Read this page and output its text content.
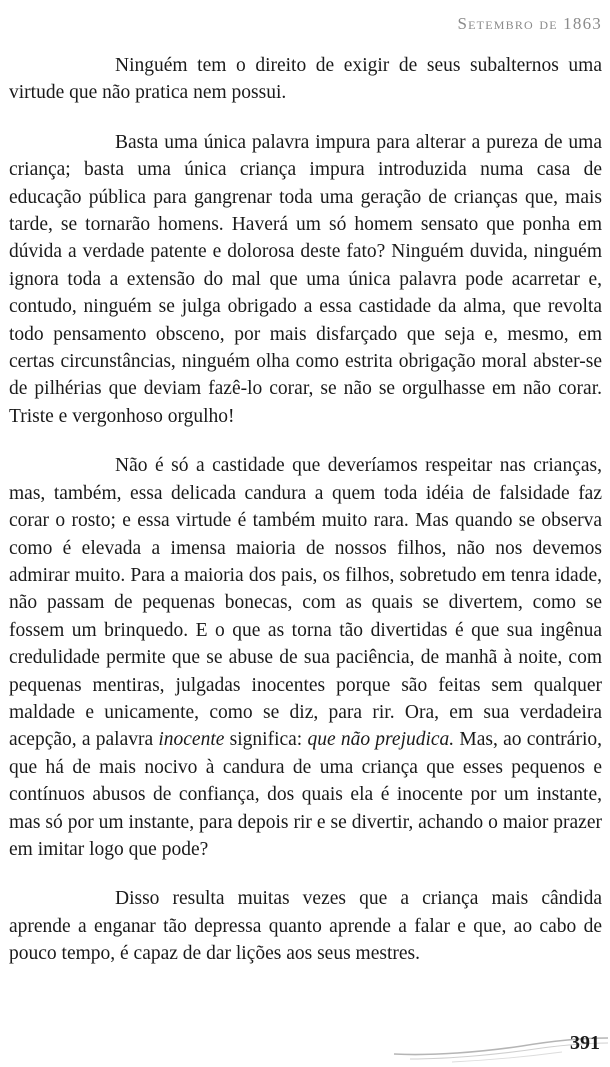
Setembro de 1863

Ninguém tem o direito de exigir de seus subalternos uma virtude que não pratica nem possui.

Basta uma única palavra impura para alterar a pureza de uma criança; basta uma única criança impura introduzida numa casa de educação pública para gangrenar toda uma geração de crianças que, mais tarde, se tornarão homens. Haverá um só homem sensato que ponha em dúvida a verdade patente e dolorosa deste fato? Ninguém duvida, ninguém ignora toda a extensão do mal que uma única palavra pode acarretar e, contudo, ninguém se julga obrigado a essa castidade da alma, que revolta todo pensamento obsceno, por mais disfarçado que seja e, mesmo, em certas circunstâncias, ninguém olha como estrita obrigação moral abster-se de pilhérias que deviam fazê-lo corar, se não se orgulhasse em não corar. Triste e vergonhoso orgulho!

Não é só a castidade que deveríamos respeitar nas crianças, mas, também, essa delicada candura a quem toda idéia de falsidade faz corar o rosto; e essa virtude é também muito rara. Mas quando se observa como é elevada a imensa maioria de nossos filhos, não nos devemos admirar muito. Para a maioria dos pais, os filhos, sobretudo em tenra idade, não passam de pequenas bonecas, com as quais se divertem, como se fossem um brinquedo. E o que as torna tão divertidas é que sua ingênua credulidade permite que se abuse de sua paciência, de manhã à noite, com pequenas mentiras, julgadas inocentes porque são feitas sem qualquer maldade e unicamente, como se diz, para rir. Ora, em sua verdadeira acepção, a palavra inocente significa: que não prejudica. Mas, ao contrário, que há de mais nocivo à candura de uma criança que esses pequenos e contínuos abusos de confiança, dos quais ela é inocente por um instante, mas só por um instante, para depois rir e se divertir, achando o maior prazer em imitar logo que pode?

Disso resulta muitas vezes que a criança mais cândida aprende a enganar tão depressa quanto aprende a falar e que, ao cabo de pouco tempo, é capaz de dar lições aos seus mestres.

391
